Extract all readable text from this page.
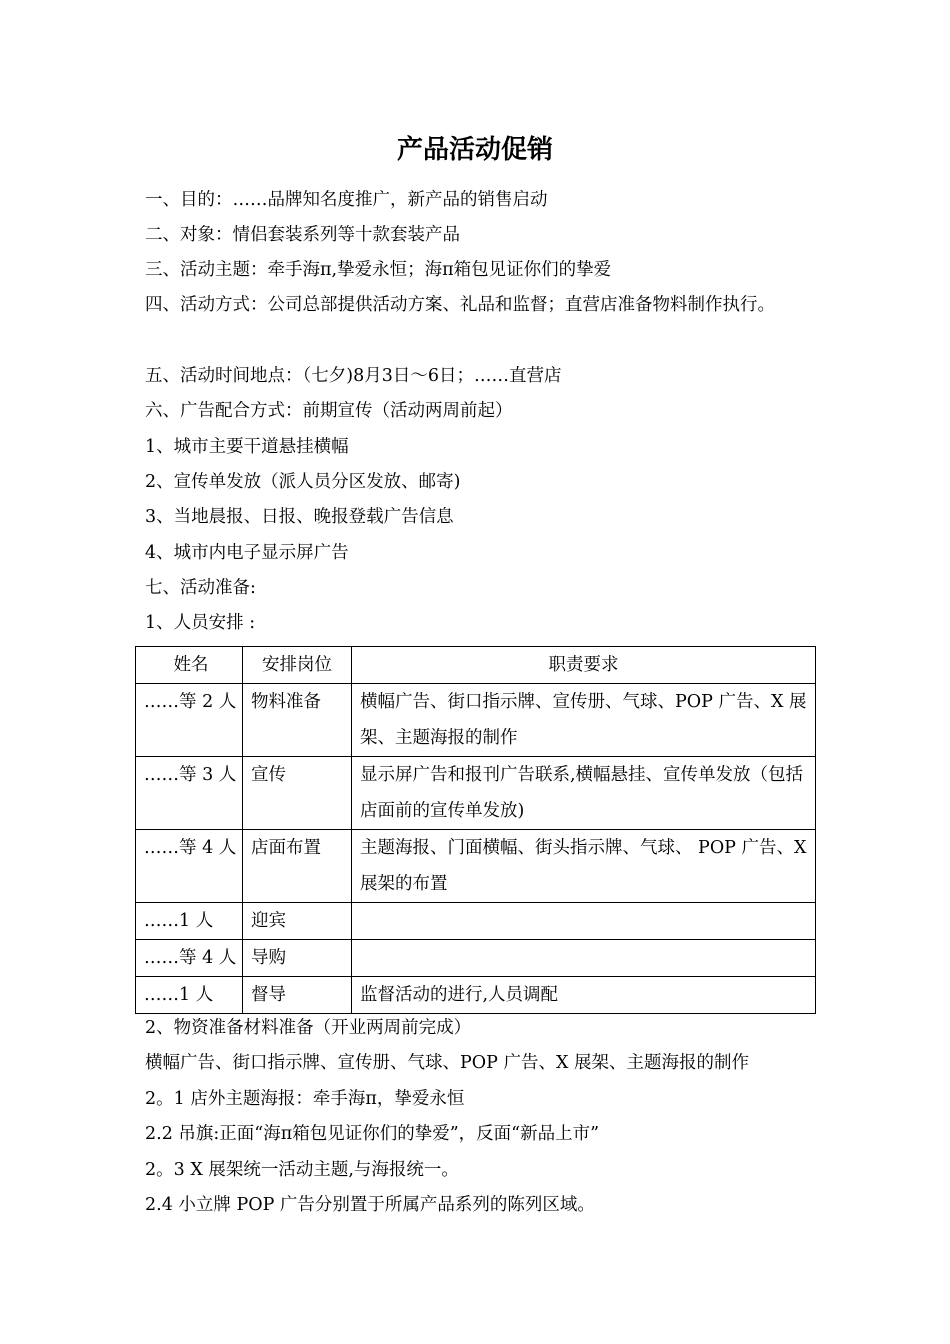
产品活动促销
一、目的：……品牌知名度推广，新产品的销售启动
二、对象：情侣套装系列等十款套装产品
三、活动主题：牵手海π,挚爱永恒；海π箱包见证你们的挚爱
四、活动方式：公司总部提供活动方案、礼品和监督；直营店准备物料制作执行。
五、活动时间地点：（七夕)8月3日～6日；……直营店
六、广告配合方式：前期宣传（活动两周前起）
1、城市主要干道悬挂横幅
2、宣传单发放（派人员分区发放、邮寄)
3、当地晨报、日报、晚报登载广告信息
4、城市内电子显示屏广告
七、活动准备:
1、人员安排 :
姓名	安排岗位	职责要求
……等 2 人	物料准备	横幅广告、街口指示牌、宣传册、气球、POP 广告、X 展架、主题海报的制作
……等 3 人	宣传	显示屏广告和报刊广告联系,横幅悬挂、宣传单发放（包括店面前的宣传单发放)
……等 4 人	店面布置	主题海报、门面横幅、街头指示牌、气球、 POP 广告、X 展架的布置
……1 人	迎宾	
……等 4 人	导购	
……1 人	督导	监督活动的进行,人员调配
2、物资准备材料准备（开业两周前完成）
横幅广告、街口指示牌、宣传册、气球、POP 广告、X 展架、主题海报的制作
2。1 店外主题海报：牵手海π，挚爱永恒
2.2 吊旗:正面“海π箱包见证你们的挚爱”，反面“新品上市”
2。3 X 展架统一活动主题,与海报统一。
2.4 小立牌 POP 广告分别置于所属产品系列的陈列区域。
